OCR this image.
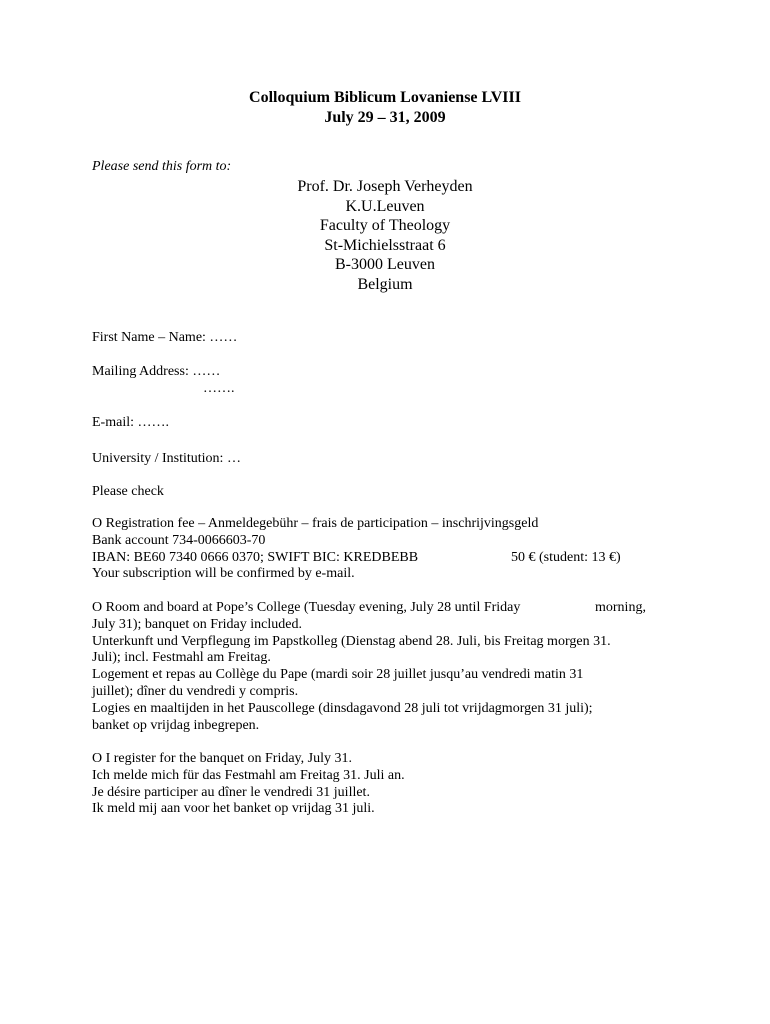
Colloquium Biblicum Lovaniense LVIII
July 29 – 31, 2009
Please send this form to:
Prof. Dr. Joseph Verheyden
K.U.Leuven
Faculty of Theology
St-Michielsstraat 6
B-3000 Leuven
Belgium
First Name – Name: ……
Mailing Address: ……
…….
E-mail: …….
University / Institution: …
Please check
O Registration fee – Anmeldegebühr – frais de participation – inschrijvingsgeld
Bank account 734-0066603-70
IBAN: BE60 7340 0666 0370; SWIFT BIC: KREDBEBB	50 € (student: 13 €)
Your subscription will be confirmed by e-mail.
O Room and board at Pope’s College (Tuesday evening, July 28 until Friday	morning,
July 31); banquet on Friday included.
Unterkunft und Verpflegung im Papstkolleg (Dienstag abend 28. Juli, bis Freitag morgen 31.
Juli); incl. Festmahl am Freitag.
Logement et repas au Collège du Pape (mardi soir 28 juillet jusqu’au vendredi matin 31
juillet); dîner du vendredi y compris.
Logies en maaltijden in het Pauscollege (dinsdagavond 28 juli tot vrijdagmorgen 31 juli);
banket op vrijdag inbegrepen.
O I register for the banquet on Friday, July 31.
Ich melde mich für das Festmahl am Freitag 31. Juli an.
Je désire participer au dîner le vendredi 31 juillet.
Ik meld mij aan voor het banket op vrijdag 31 juli.
